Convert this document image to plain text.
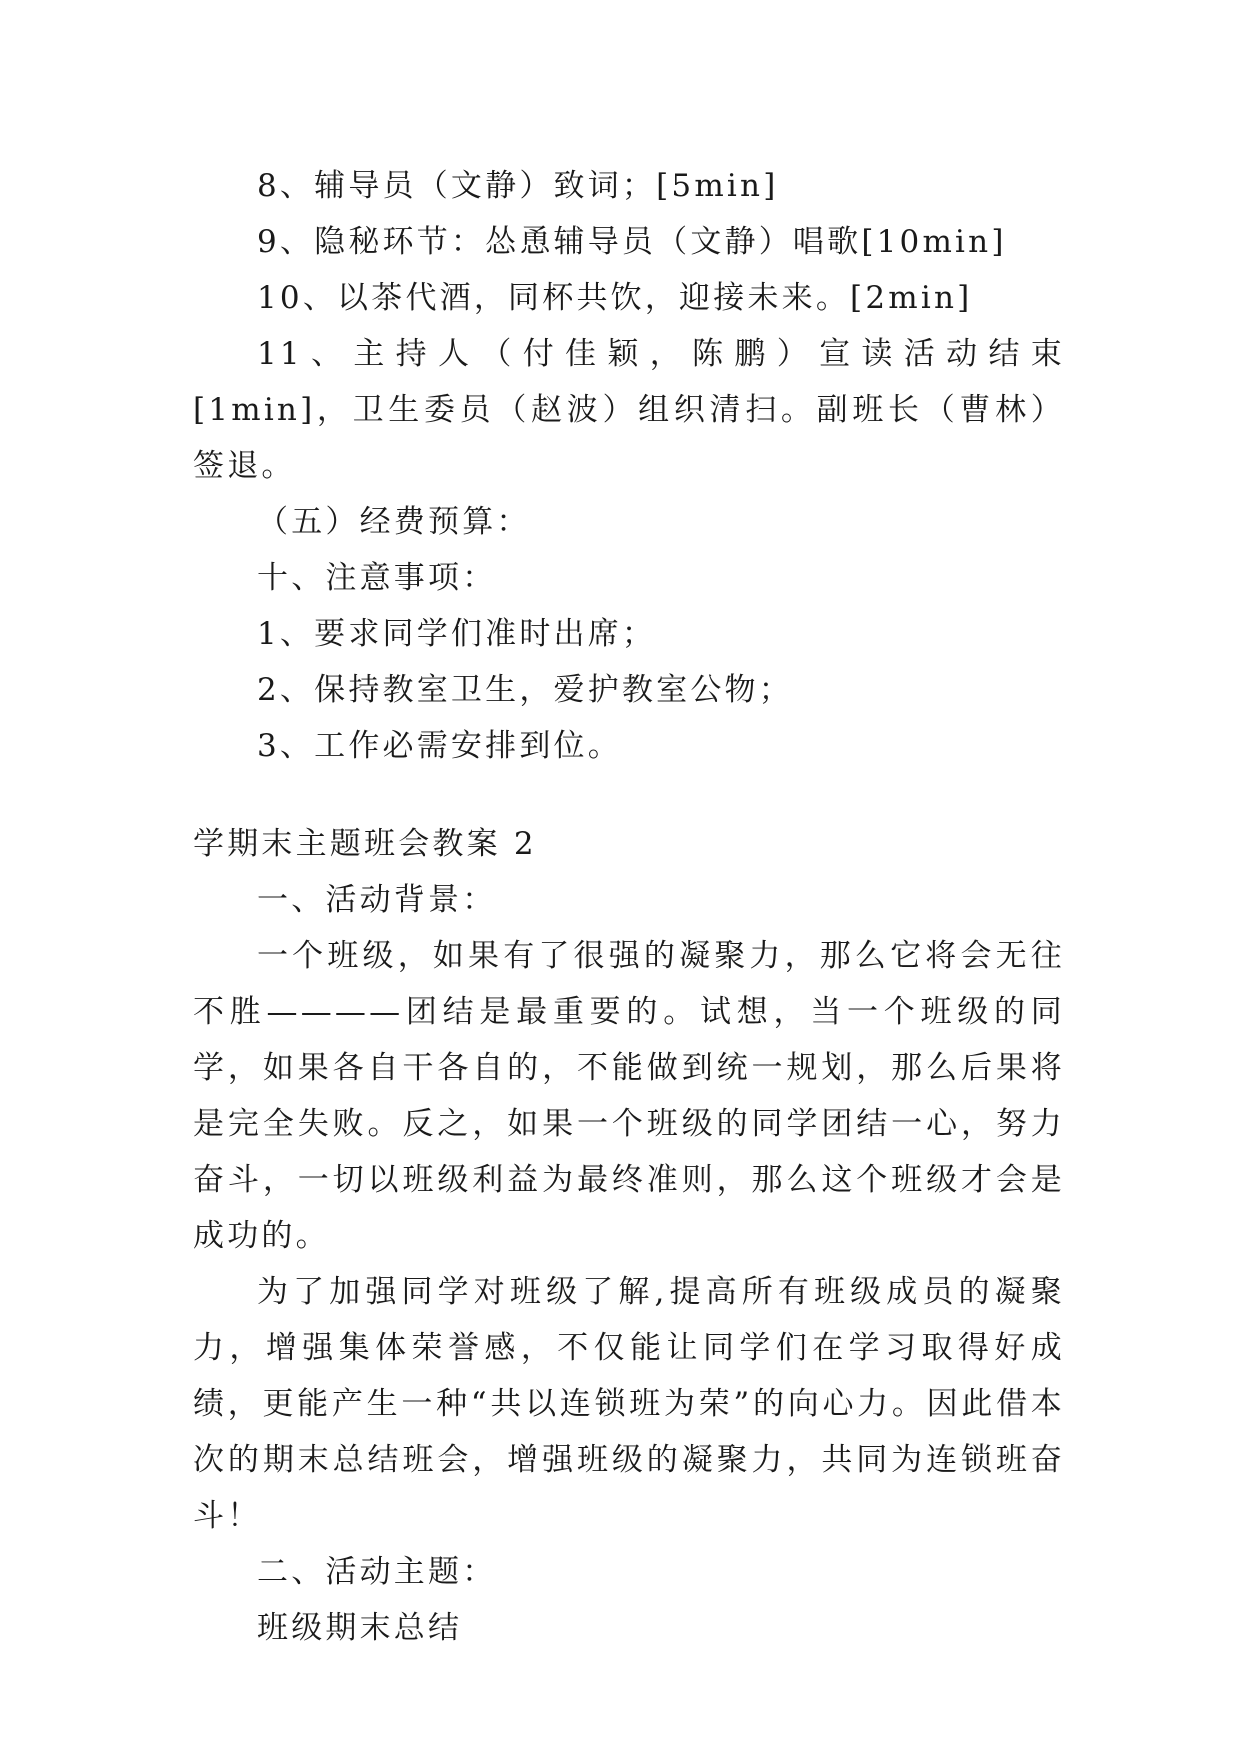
8、辅导员（文静）致词；[5min]

9、隐秘环节：怂恿辅导员（文静）唱歌[10min]

10、以茶代酒，同杯共饮，迎接未来。[2min]

11、主持人（付佳颖，陈鹏）宣读活动结束[1min]，卫生委员（赵波）组织清扫。副班长（曹林）签退。

（五）经费预算：

十、注意事项：

1、要求同学们准时出席；

2、保持教室卫生，爱护教室公物；

3、工作必需安排到位。

学期末主题班会教案 2

一、活动背景：

一个班级，如果有了很强的凝聚力，那么它将会无往不胜————团结是最重要的。试想，当一个班级的同学，如果各自干各自的，不能做到统一规划，那么后果将是完全失败。反之，如果一个班级的同学团结一心，努力奋斗，一切以班级利益为最终准则，那么这个班级才会是成功的。

为了加强同学对班级了解,提高所有班级成员的凝聚力，增强集体荣誉感，不仅能让同学们在学习取得好成绩，更能产生一种“共以连锁班为荣”的向心力。因此借本次的期末总结班会，增强班级的凝聚力，共同为连锁班奋斗！

二、活动主题：

班级期末总结
